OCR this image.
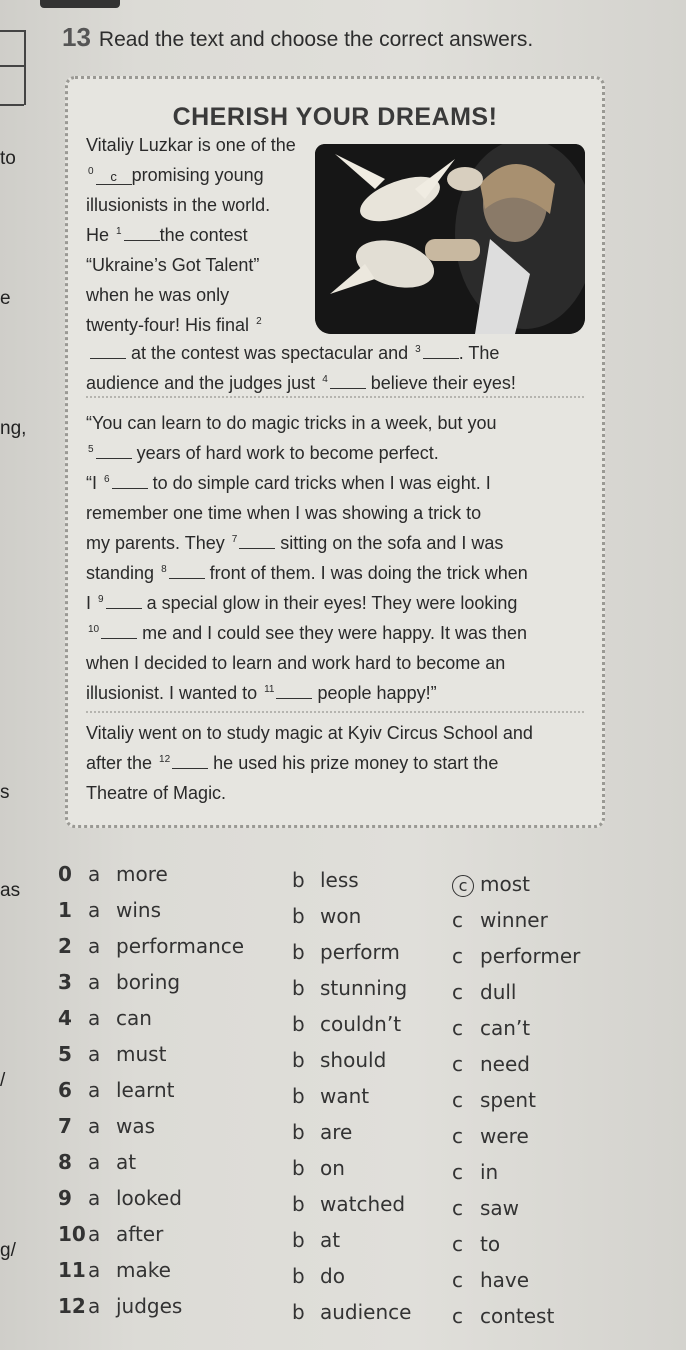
to
e
ng,
s
as
/
g/
13 Read the text and choose the correct answers.
CHERISH YOUR DREAMS!
Vitaliy Luzkar is one of the
$^0$ c promising young
illusionists in the world.
He $^1$ the contest
“Ukraine’s Got Talent”
when he was only
twenty-four! His final $^2$
at the contest was spectacular and $^3$ . The
audience and the judges just $^4$ believe their eyes!
“You can learn to do magic tricks in a week, but you
$^5$ years of hard work to become perfect.
“I $^6$ to do simple card tricks when I was eight. I
remember one time when I was showing a trick to
my parents. They $^7$ sitting on the sofa and I was
standing $^8$ front of them. I was doing the trick when
I $^9$ a special glow in their eyes! They were looking
$^{10}$ me and I could see they were happy. It was then
when I decided to learn and work hard to become an
illusionist. I wanted to $^{11}$ people happy!”
Vitaliy went on to study magic at Kyiv Circus School and
after the $^{12}$ he used his prize money to start the
Theatre of Magic.
0 a more	b less	c most
1 a wins	b won	c winner
2 a performance b perform	c performer
3 a boring	b stunning c dull
4 a can	b couldn’t	c can’t
5 a must	b should	c need
6 a learnt	b want	c spent
7 a was	b are	c were
8 a at	b on	c in
9 a looked	b watched c saw
10 a after	b at	c to
11 a make	b do	c have
12 a judges	b audience c contest
